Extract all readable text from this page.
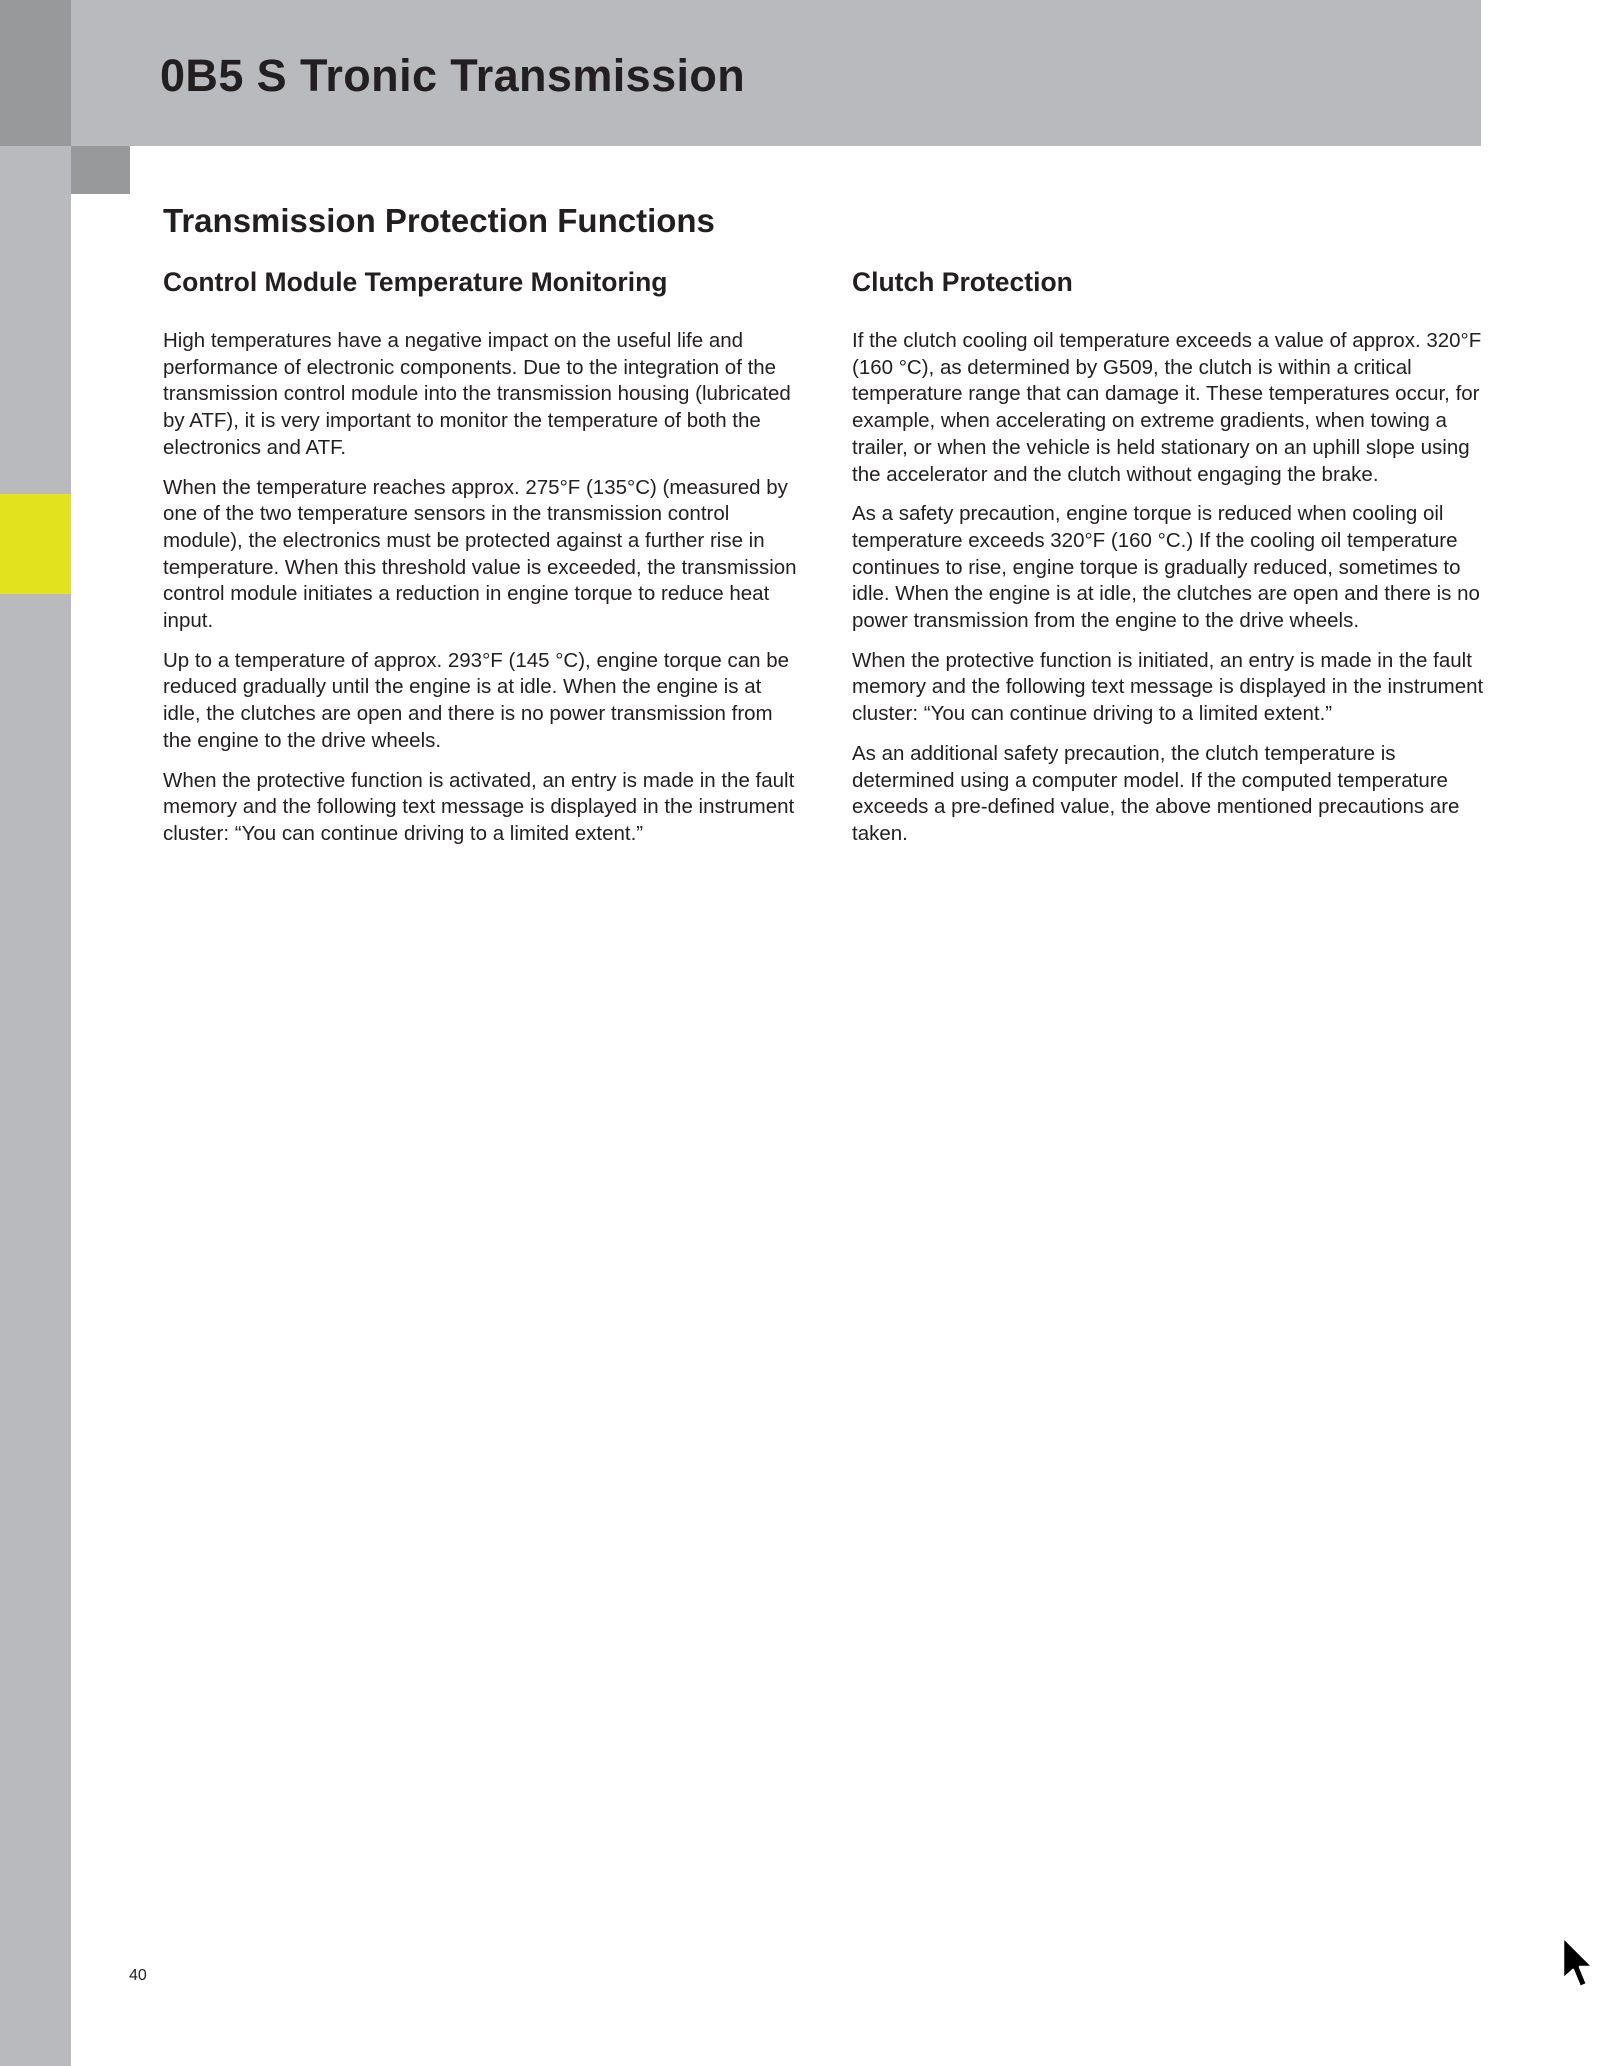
0B5 S Tronic Transmission
Transmission Protection Functions
Control Module Temperature Monitoring

High temperatures have a negative impact on the useful life and performance of electronic components. Due to the integration of the transmission control module into the transmission housing (lubricated by ATF), it is very important to monitor the temperature of both the electronics and ATF.

When the temperature reaches approx. 275°F (135°C) (measured by one of the two temperature sensors in the transmission control module), the electronics must be protected against a further rise in temperature. When this threshold value is exceeded, the transmission control module initiates a reduction in engine torque to reduce heat input.

Up to a temperature of approx. 293°F (145 °C), engine torque can be reduced gradually until the engine is at idle. When the engine is at idle, the clutches are open and there is no power transmission from the engine to the drive wheels.

When the protective function is activated, an entry is made in the fault memory and the following text message is displayed in the instrument cluster: “You can continue driving to a limited extent.”

Clutch Protection

If the clutch cooling oil temperature exceeds a value of approx. 320°F (160 °C), as determined by G509, the clutch is within a critical temperature range that can damage it. These temperatures occur, for example, when accelerating on extreme gradients, when towing a trailer, or when the vehicle is held stationary on an uphill slope using the accelerator and the clutch without engaging the brake.

As a safety precaution, engine torque is reduced when cooling oil temperature exceeds 320°F (160 °C.) If the cooling oil temperature continues to rise, engine torque is gradually reduced, sometimes to idle. When the engine is at idle, the clutches are open and there is no power transmission from the engine to the drive wheels.

When the protective function is initiated, an entry is made in the fault memory and the following text message is displayed in the instrument cluster: “You can continue driving to a limited extent.”

As an additional safety precaution, the clutch temperature is determined using a computer model. If the computed temperature exceeds a pre-defined value, the above mentioned precautions are taken.

40
